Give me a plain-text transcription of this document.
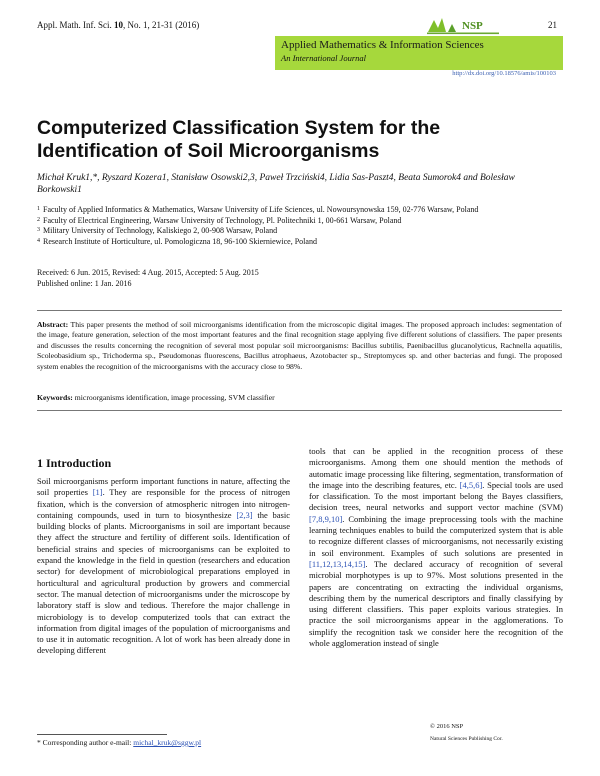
Appl. Math. Inf. Sci. 10, No. 1, 21-31 (2016)	NSP	21
Applied Mathematics & Information Sciences
An International Journal
http://dx.doi.org/10.18576/amis/100103
Computerized Classification System for the Identification of Soil Microorganisms
Michał Kruk1,*, Ryszard Kozera1, Stanisław Osowski2,3, Paweł Trzciński4, Lidia Sas-Paszt4, Beata Sumorok4 and Bolesław Borkowski1
1 Faculty of Applied Informatics & Mathematics, Warsaw University of Life Sciences, ul. Nowoursynowska 159, 02-776 Warsaw, Poland
2 Faculty of Electrical Engineering, Warsaw University of Technology, Pl. Politechniki 1, 00-661 Warsaw, Poland
3 Military University of Technology, Kaliskiego 2, 00-908 Warsaw, Poland
4 Research Institute of Horticulture, ul. Pomologiczna 18, 96-100 Skierniewice, Poland
Received: 6 Jun. 2015, Revised: 4 Aug. 2015, Accepted: 5 Aug. 2015
Published online: 1 Jan. 2016
Abstract: This paper presents the method of soil microorganisms identification from the microscopic digital images. The proposed approach includes: segmentation of the image, feature generation, selection of the most important features and the final recognition stage applying five different solutions of classifiers. The paper presents and discusses the results concerning the recognition of several most popular soil microorganisms: Bacillus subtilis, Paenibacillus glucanolyticus, Rachnella aquatilis, Scoleobasidium sp., Trichoderma sp., Pseudomonas fluorescens, Bacillus atrophaeus, Azotobacter sp., Streptomyces sp. and other bacterias and fungi. The proposed system enables the recognition of the microorganisms with the accuracy close to 98%.
Keywords: microorganisms identification, image processing, SVM classifier
1 Introduction
Soil microorganisms perform important functions in nature, affecting the soil properties [1]. They are responsible for the process of nitrogen fixation, which is the conversion of atmospheric nitrogen into nitrogen-containing compounds, used in turn to biosynthesize [2,3] the basic building blocks of plants. Microorganisms in soil are important because they affect the structure and fertility of different soils. Identification of beneficial strains and species of microorganisms can be exploited to expand the knowledge in the field in question (researchers and education sector) for development of microbiological preparations employed in horticultural and agricultural production by growers and commercial sector. The manual detection of microorganisms under the microscope by laboratory staff is slow and tedious. Therefore the major challenge in microbiology is to develop computerized tools that can extract the information from digital images of the population of microorganisms and to use it in automatic recognition. A lot of work has been already done in developing different
tools that can be applied in the recognition process of these microorganisms. Among them one should mention the methods of automatic image processing like filtering, segmentation, transformation of the image into the describing features, etc. [4,5,6]. Special tools are used for classification. To the most important belong the Bayes classifiers, decision trees, neural networks and support vector machine (SVM) [7,8,9,10]. Combining the image preprocessing tools with the machine learning techniques enables to build the computerized system that is able to recognize different classes of microorganisms, not necessarily existing in soil environment. Examples of such solutions are presented in [11,12,13,14,15]. The declared accuracy of recognition of several microbial morphotypes is up to 97%. Most solutions presented in the papers are concentrating on extracting the individual organisms, describing them by the numerical descriptors and finally classifying by using different classifiers. This paper exploits various strategies. In practice the soil microorganisms appear in the agglomerations. To simplify the recognition task we consider here the recognition of the whole agglomeration instead of single
* Corresponding author e-mail: michal_kruk@sggw.pl
© 2016 NSP
Natural Sciences Publishing Cor.
